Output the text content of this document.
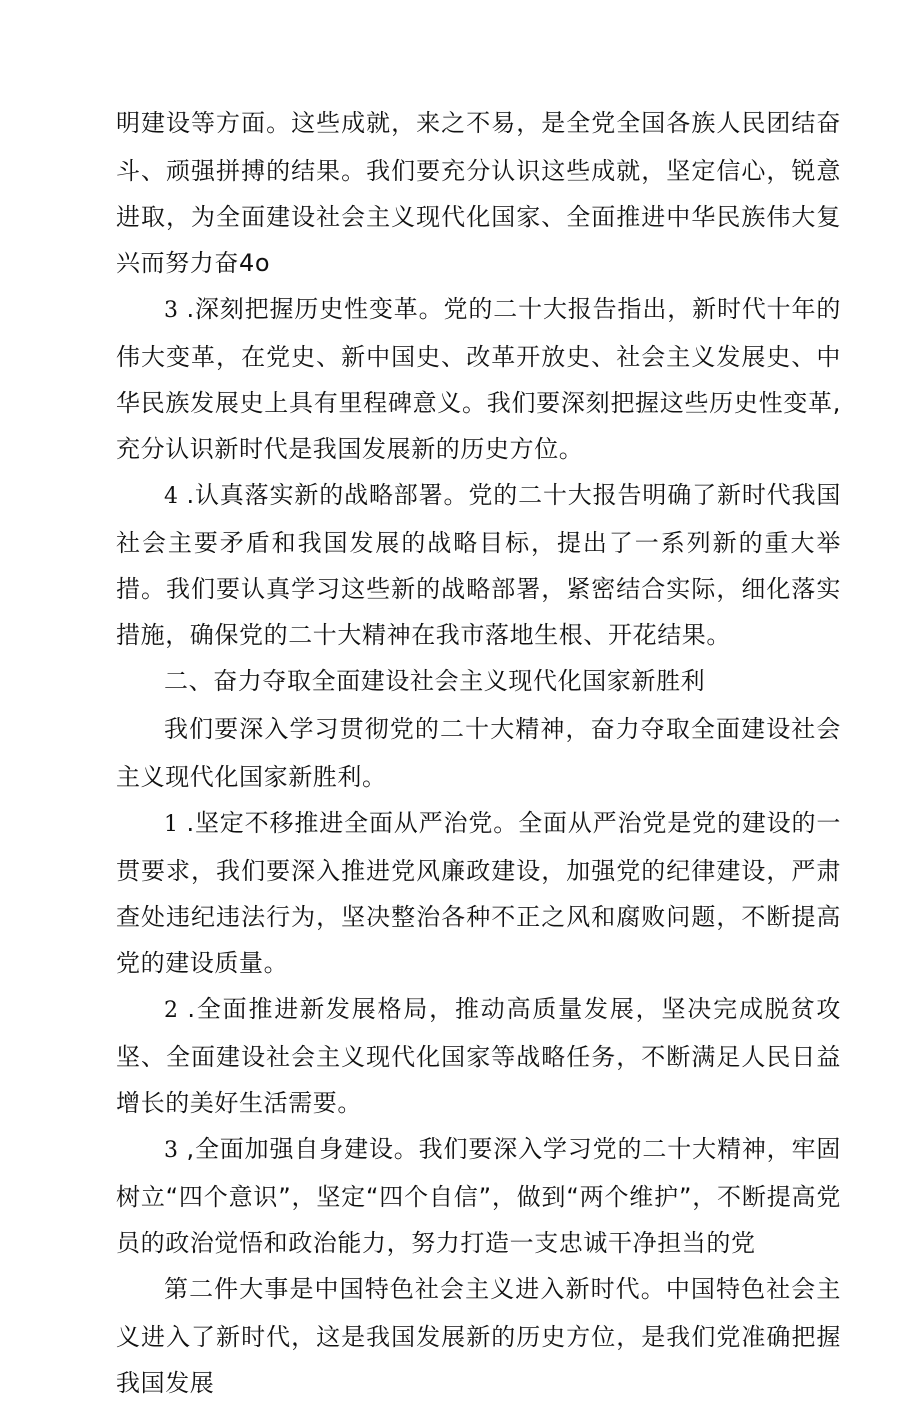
明建设等方面。这些成就，来之不易，是全党全国各族人民团结奋斗、顽强拼搏的结果。我们要充分认识这些成就，坚定信心，锐意进取，为全面建设社会主义现代化国家、全面推进中华民族伟大复兴而努力奋4o

3 .深刻把握历史性变革。党的二十大报告指出，新时代十年的伟大变革，在党史、新中国史、改革开放史、社会主义发展史、中华民族发展史上具有里程碑意义。我们要深刻把握这些历史性变革,充分认识新时代是我国发展新的历史方位。

4 .认真落实新的战略部署。党的二十大报告明确了新时代我国社会主要矛盾和我国发展的战略目标，提出了一系列新的重大举措。我们要认真学习这些新的战略部署，紧密结合实际，细化落实措施，确保党的二十大精神在我市落地生根、开花结果。

二、奋力夺取全面建设社会主义现代化国家新胜利

我们要深入学习贯彻党的二十大精神，奋力夺取全面建设社会主义现代化国家新胜利。

1 .坚定不移推进全面从严治党。全面从严治党是党的建设的一贯要求，我们要深入推进党风廉政建设，加强党的纪律建设，严肃查处违纪违法行为，坚决整治各种不正之风和腐败问题，不断提高党的建设质量。

2 .全面推进新发展格局，推动高质量发展，坚决完成脱贫攻坚、全面建设社会主义现代化国家等战略任务，不断满足人民日益增长的美好生活需要。

3 ,全面加强自身建设。我们要深入学习党的二十大精神，牢固树立“四个意识”，坚定“四个自信”，做到“两个维护”，不断提高党员的政治觉悟和政治能力，努力打造一支忠诚干净担当的党

第二件大事是中国特色社会主义进入新时代。中国特色社会主义进入了新时代，这是我国发展新的历史方位，是我们党准确把握我国发展
